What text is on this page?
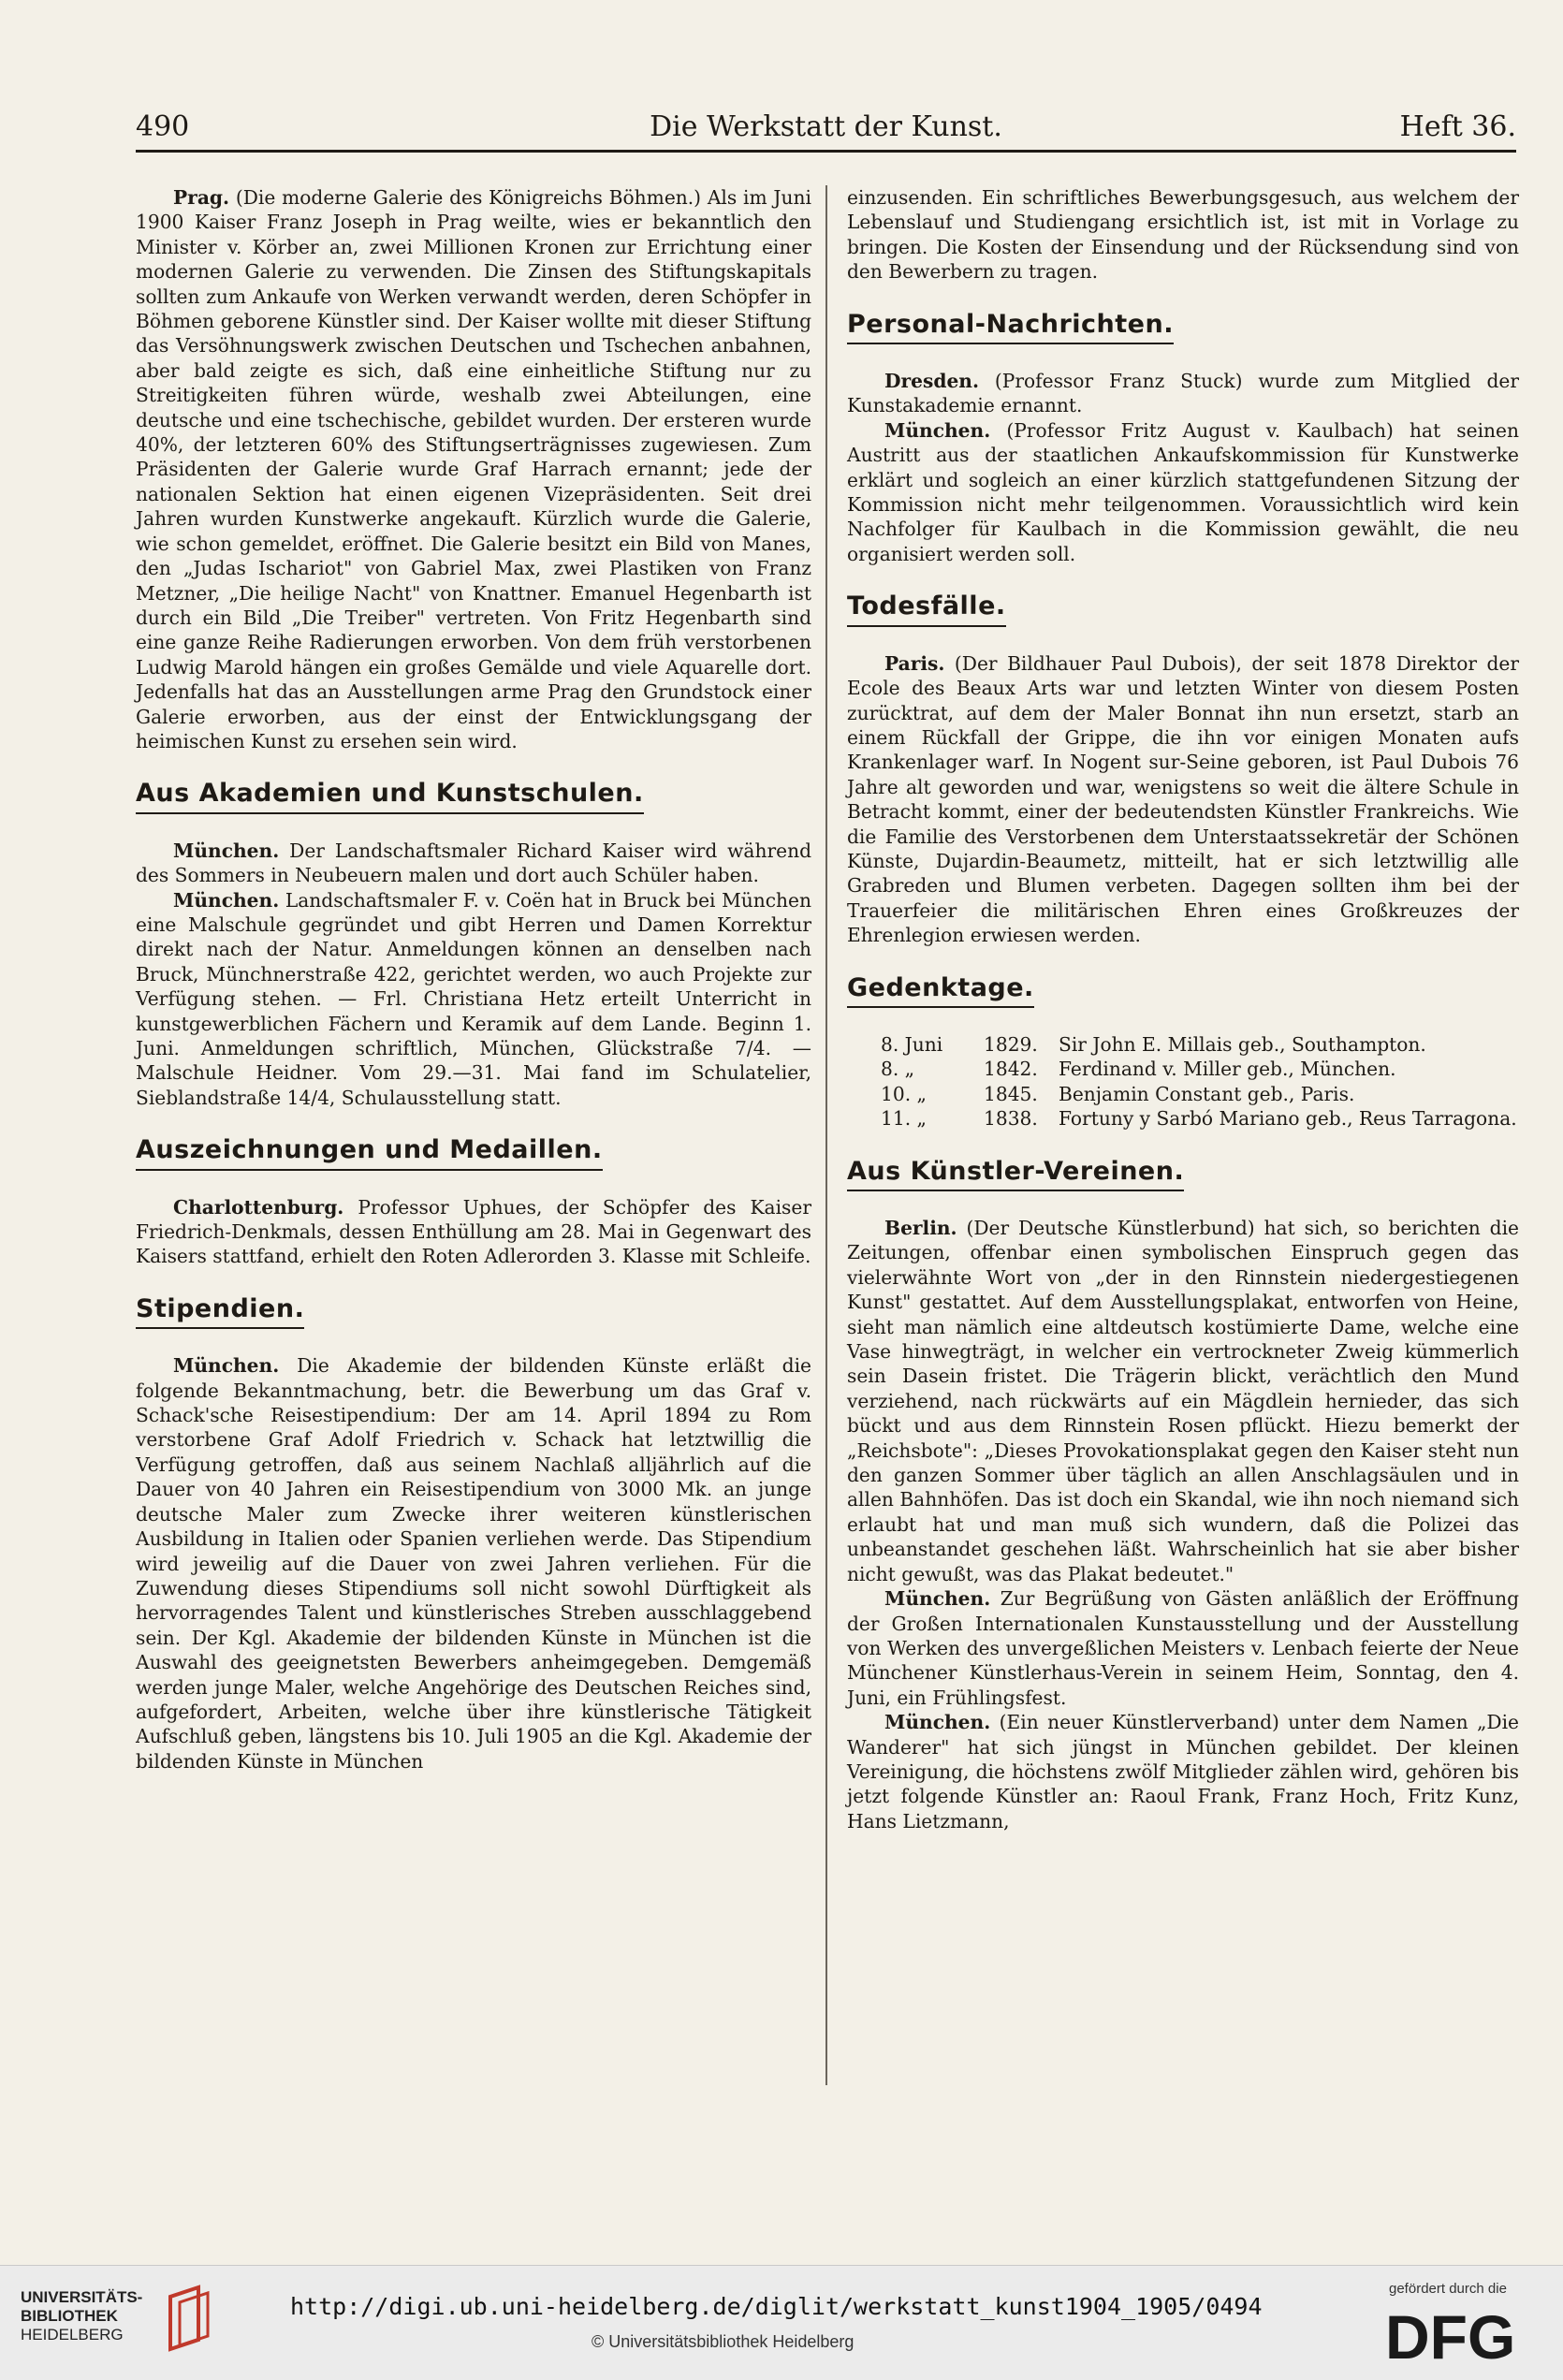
490	Die Werkstatt der Kunst.	Heft 36.

Prag. (Die moderne Galerie des Königreichs Böhmen.) Als im Juni 1900 Kaiser Franz Joseph in Prag weilte, wies er bekanntlich den Minister v. Körber an, zwei Millionen Kronen zur Errichtung einer modernen Galerie zu verwenden. Die Zinsen des Stiftungskapitals sollten zum Ankaufe von Werken verwandt werden, deren Schöpfer in Böhmen geborene Künstler sind. Der Kaiser wollte mit dieser Stiftung das Versöhnungswerk zwischen Deutschen und Tschechen anbahnen, aber bald zeigte es sich, daß eine einheitliche Stiftung nur zu Streitigkeiten führen würde, weshalb zwei Abteilungen, eine deutsche und eine tschechische, gebildet wurden. Der ersteren wurde 40%, der letzteren 60% des Stiftungserträgnisses zugewiesen. Zum Präsidenten der Galerie wurde Graf Harrach ernannt; jede der nationalen Sektion hat einen eigenen Vizepräsidenten. Seit drei Jahren wurden Kunstwerke angekauft. Kürzlich wurde die Galerie, wie schon gemeldet, eröffnet. Die Galerie besitzt ein Bild von Manes, den „Judas Ischariot" von Gabriel Max, zwei Plastiken von Franz Metzner, „Die heilige Nacht" von Knattner. Emanuel Hegenbarth ist durch ein Bild „Die Treiber" vertreten. Von Fritz Hegenbarth sind eine ganze Reihe Radierungen erworben. Von dem früh verstorbenen Ludwig Marold hängen ein großes Gemälde und viele Aquarelle dort. Jedenfalls hat das an Ausstellungen arme Prag den Grundstock einer Galerie erworben, aus der einst der Entwicklungsgang der heimischen Kunst zu ersehen sein wird.

Aus Akademien und Kunstschulen.

München. Der Landschaftsmaler Richard Kaiser wird während des Sommers in Neubeuern malen und dort auch Schüler haben.

München. Landschaftsmaler F. v. Coën hat in Bruck bei München eine Malschule gegründet und gibt Herren und Damen Korrektur direkt nach der Natur. Anmeldungen können an denselben nach Bruck, Münchnerstraße 422, gerichtet werden, wo auch Projekte zur Verfügung stehen. — Frl. Christiana Hetz erteilt Unterricht in kunstgewerblichen Fächern und Keramik auf dem Lande. Beginn 1. Juni. Anmeldungen schriftlich, München, Glückstraße 7/4. — Malschule Heidner. Vom 29.—31. Mai fand im Schulatelier, Sieblandstraße 14/4, Schulausstellung statt.

Auszeichnungen und Medaillen.

Charlottenburg. Professor Uphues, der Schöpfer des Kaiser Friedrich-Denkmals, dessen Enthüllung am 28. Mai in Gegenwart des Kaisers stattfand, erhielt den Roten Adlerorden 3. Klasse mit Schleife.

Stipendien.

München. Die Akademie der bildenden Künste erläßt die folgende Bekanntmachung, betr. die Bewerbung um das Graf v. Schack'sche Reisestipendium: Der am 14. April 1894 zu Rom verstorbene Graf Adolf Friedrich v. Schack hat letztwillig die Verfügung getroffen, daß aus seinem Nachlaß alljährlich auf die Dauer von 40 Jahren ein Reisestipendium von 3000 Mk. an junge deutsche Maler zum Zwecke ihrer weiteren künstlerischen Ausbildung in Italien oder Spanien verliehen werde. Das Stipendium wird jeweilig auf die Dauer von zwei Jahren verliehen. Für die Zuwendung dieses Stipendiums soll nicht sowohl Dürftigkeit als hervorragendes Talent und künstlerisches Streben ausschlaggebend sein. Der Kgl. Akademie der bildenden Künste in München ist die Auswahl des geeignetsten Bewerbers anheimgegeben. Demgemäß werden junge Maler, welche Angehörige des Deutschen Reiches sind, aufgefordert, Arbeiten, welche über ihre künstlerische Tätigkeit Aufschluß geben, längstens bis 10. Juli 1905 an die Kgl. Akademie der bildenden Künste in München

einzusenden. Ein schriftliches Bewerbungsgesuch, aus welchem der Lebenslauf und Studiengang ersichtlich ist, ist mit in Vorlage zu bringen. Die Kosten der Einsendung und der Rücksendung sind von den Bewerbern zu tragen.

Personal-Nachrichten.

Dresden. (Professor Franz Stuck) wurde zum Mitglied der Kunstakademie ernannt.

München. (Professor Fritz August v. Kaulbach) hat seinen Austritt aus der staatlichen Ankaufskommission für Kunstwerke erklärt und sogleich an einer kürzlich stattgefundenen Sitzung der Kommission nicht mehr teilgenommen. Voraussichtlich wird kein Nachfolger für Kaulbach in die Kommission gewählt, die neu organisiert werden soll.

Todesfälle.

Paris. (Der Bildhauer Paul Dubois), der seit 1878 Direktor der Ecole des Beaux Arts war und letzten Winter von diesem Posten zurücktrat, auf dem der Maler Bonnat ihn nun ersetzt, starb an einem Rückfall der Grippe, die ihn vor einigen Monaten aufs Krankenlager warf. In Nogent sur-Seine geboren, ist Paul Dubois 76 Jahre alt geworden und war, wenigstens so weit die ältere Schule in Betracht kommt, einer der bedeutendsten Künstler Frankreichs. Wie die Familie des Verstorbenen dem Unterstaatssekretär der Schönen Künste, Dujardin-Beaumetz, mitteilt, hat er sich letztwillig alle Grabreden und Blumen verbeten. Dagegen sollten ihm bei der Trauerfeier die militärischen Ehren eines Großkreuzes der Ehrenlegion erwiesen werden.

Gedenktage.
8. Juni	1829.	Sir John E. Millais geb., Southampton.
8. „	1842.	Ferdinand v. Miller geb., München.
10. „	1845.	Benjamin Constant geb., Paris.
11. „	1838.	Fortuny y Sarbó Mariano geb., Reus Tarragona.
Aus Künstler-Vereinen.

Berlin. (Der Deutsche Künstlerbund) hat sich, so berichten die Zeitungen, offenbar einen symbolischen Einspruch gegen das vielerwähnte Wort von „der in den Rinnstein niedergestiegenen Kunst" gestattet. Auf dem Ausstellungsplakat, entworfen von Heine, sieht man nämlich eine altdeutsch kostümierte Dame, welche eine Vase hinwegträgt, in welcher ein vertrockneter Zweig kümmerlich sein Dasein fristet. Die Trägerin blickt, verächtlich den Mund verziehend, nach rückwärts auf ein Mägdlein hernieder, das sich bückt und aus dem Rinnstein Rosen pflückt. Hiezu bemerkt der „Reichsbote": „Dieses Provokationsplakat gegen den Kaiser steht nun den ganzen Sommer über täglich an allen Anschlagsäulen und in allen Bahnhöfen. Das ist doch ein Skandal, wie ihn noch niemand sich erlaubt hat und man muß sich wundern, daß die Polizei das unbeanstandet geschehen läßt. Wahrscheinlich hat sie aber bisher nicht gewußt, was das Plakat bedeutet."

München. Zur Begrüßung von Gästen anläßlich der Eröffnung der Großen Internationalen Kunstausstellung und der Ausstellung von Werken des unvergeßlichen Meisters v. Lenbach feierte der Neue Münchener Künstlerhaus-Verein in seinem Heim, Sonntag, den 4. Juni, ein Frühlingsfest.

München. (Ein neuer Künstlerverband) unter dem Namen „Die Wanderer" hat sich jüngst in München gebildet. Der kleinen Vereinigung, die höchstens zwölf Mitglieder zählen wird, gehören bis jetzt folgende Künstler an: Raoul Frank, Franz Hoch, Fritz Kunz, Hans Lietzmann,

UNIVERSITÄTS-
BIBLIOTHEK
HEIDELBERG
http://digi.ub.uni-heidelberg.de/diglit/werkstatt_kunst1904_1905/0494
© Universitätsbibliothek Heidelberg
gefördert durch die
DFG
